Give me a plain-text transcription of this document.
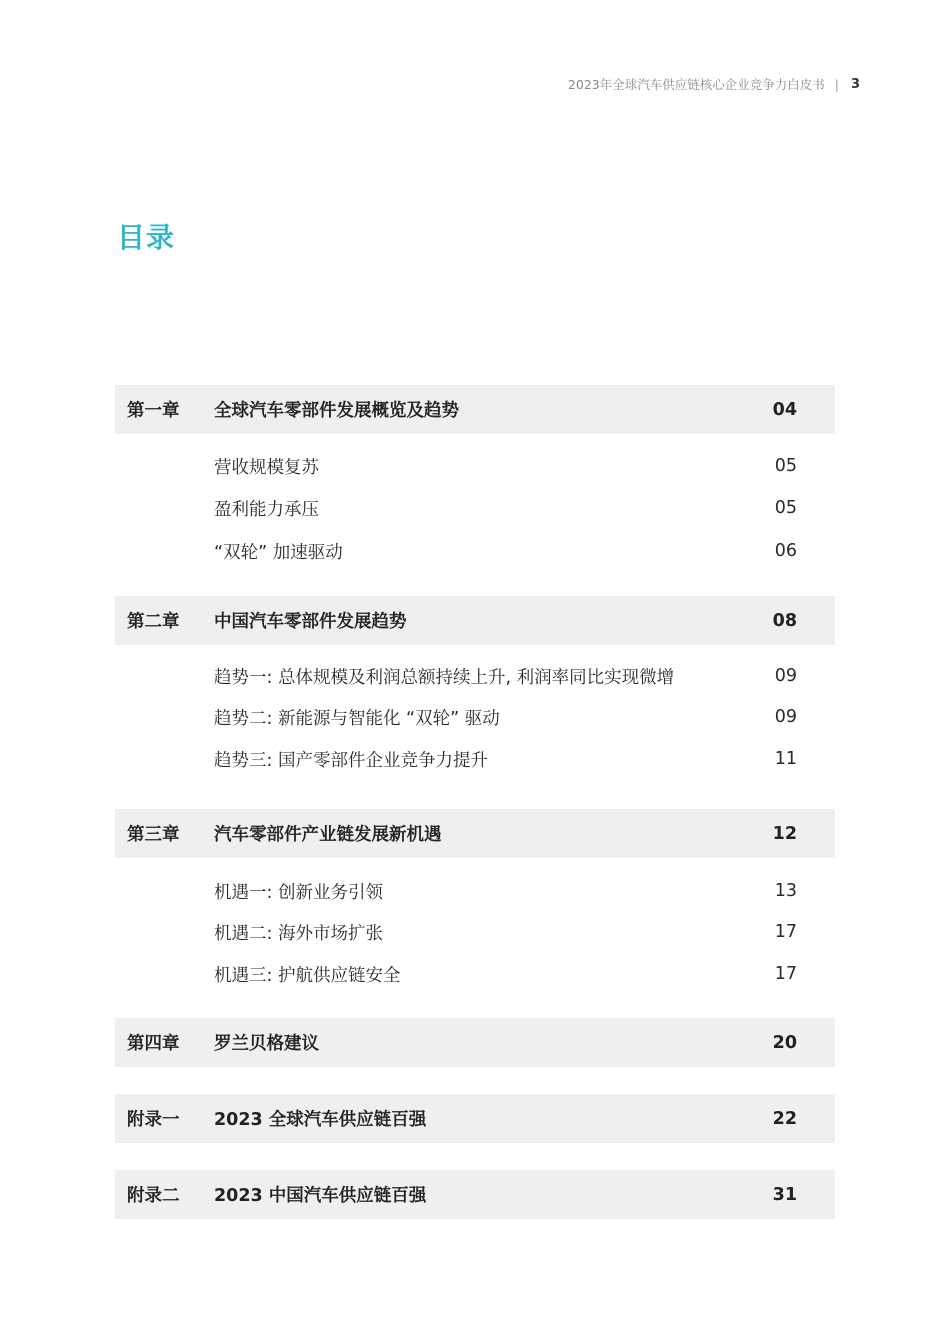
2023年全球汽车供应链核心企业竞争力白皮书 | 3
目录
第一章 全球汽车零部件发展概览及趋势	04
营收规模复苏	05
盈利能力承压	05
“双轮” 加速驱动	06
第二章 中国汽车零部件发展趋势	08
趋势一: 总体规模及利润总额持续上升, 利润率同比实现微增	09
趋势二: 新能源与智能化 “双轮” 驱动	09
趋势三: 国产零部件企业竞争力提升	11
第三章 汽车零部件产业链发展新机遇	12
机遇一: 创新业务引领	13
机遇二: 海外市场扩张	17
机遇三: 护航供应链安全	17
第四章 罗兰贝格建议	20
附录一 2023 全球汽车供应链百强	22
附录二 2023 中国汽车供应链百强	31
